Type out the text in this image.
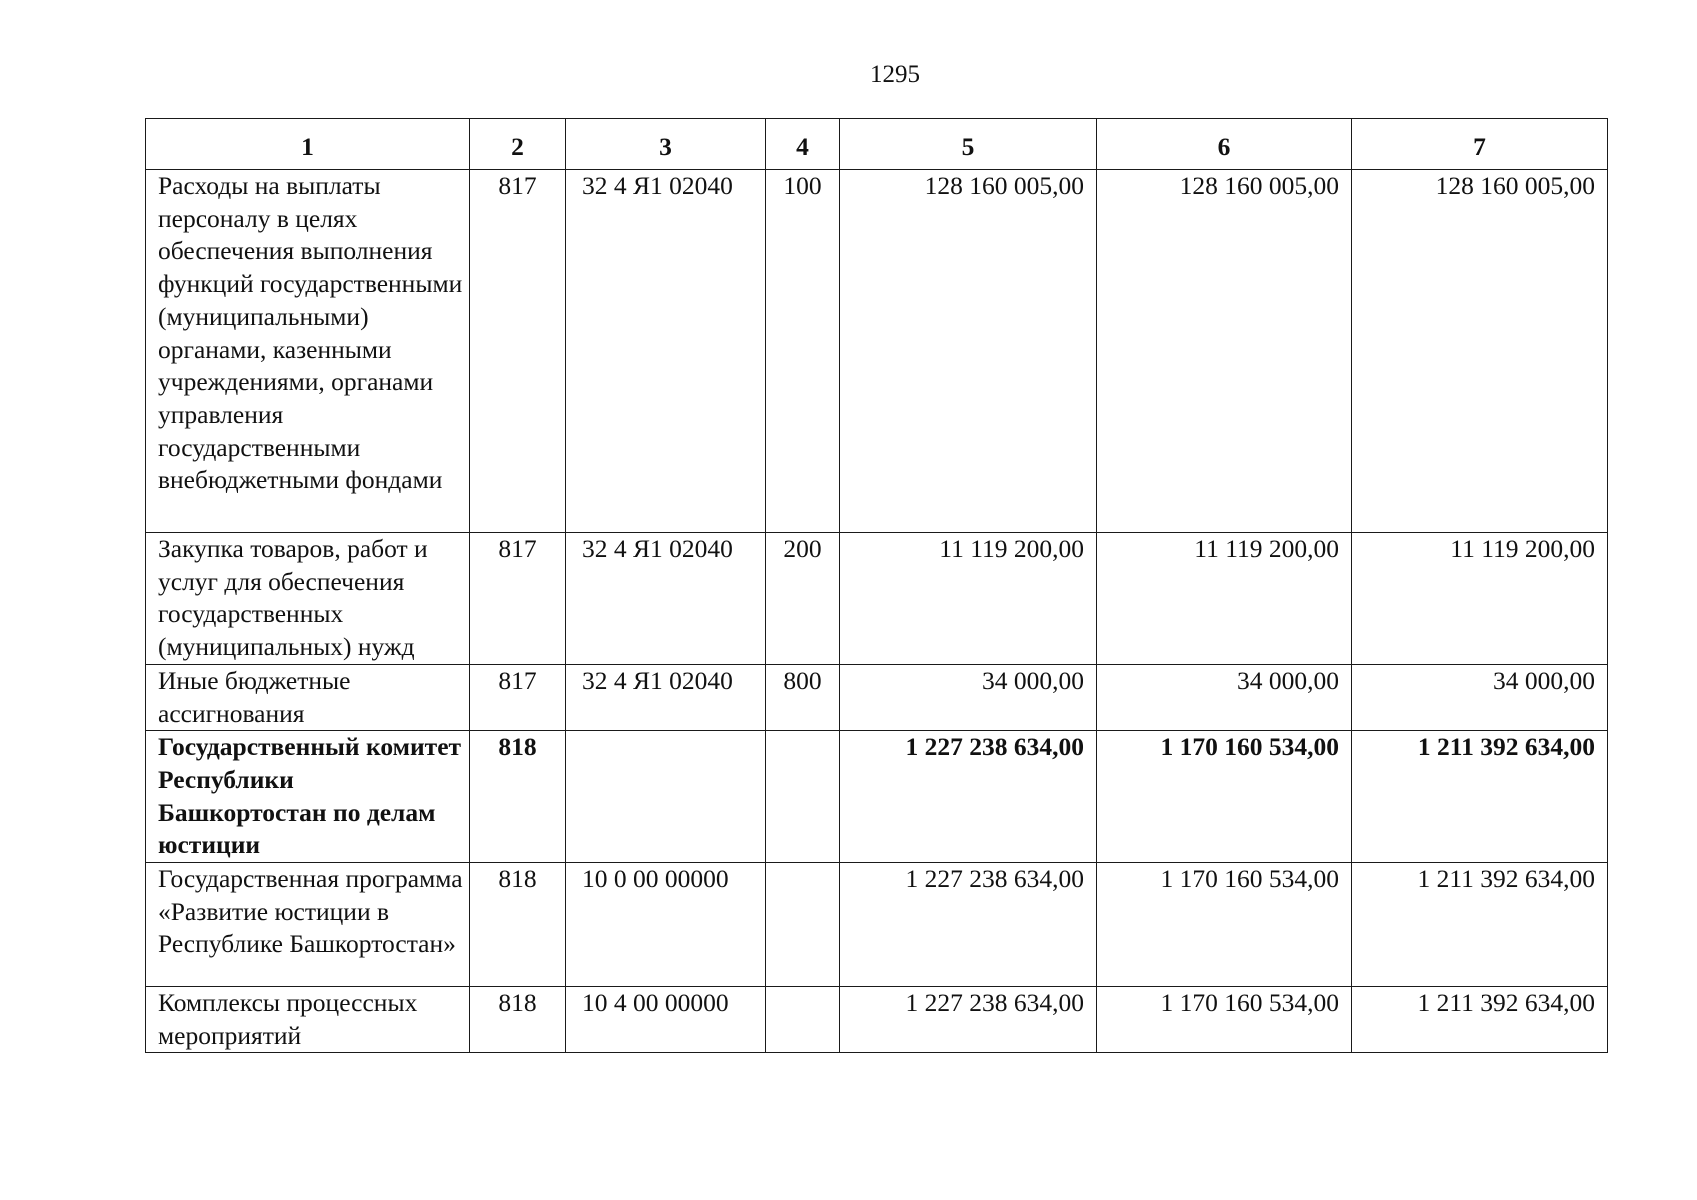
1295
1	2	3	4	5	6	7
Расходы на выплаты персоналу в целях обеспечения выполнения функций государственными (муниципальными) органами, казенными учреждениями, органами управления государственными внебюджетными фондами	817	32 4 Я1 02040	100	128 160 005,00	128 160 005,00	128 160 005,00
Закупка товаров, работ и услуг для обеспечения государственных (муниципальных) нужд	817	32 4 Я1 02040	200	11 119 200,00	11 119 200,00	11 119 200,00
Иные бюджетные ассигнования	817	32 4 Я1 02040	800	34 000,00	34 000,00	34 000,00
Государственный комитет Республики Башкортостан по делам юстиции	818			1 227 238 634,00	1 170 160 534,00	1 211 392 634,00
Государственная программа «Развитие юстиции в Республике Башкортостан»	818	10 0 00 00000		1 227 238 634,00	1 170 160 534,00	1 211 392 634,00
Комплексы процессных мероприятий	818	10 4 00 00000		1 227 238 634,00	1 170 160 534,00	1 211 392 634,00
